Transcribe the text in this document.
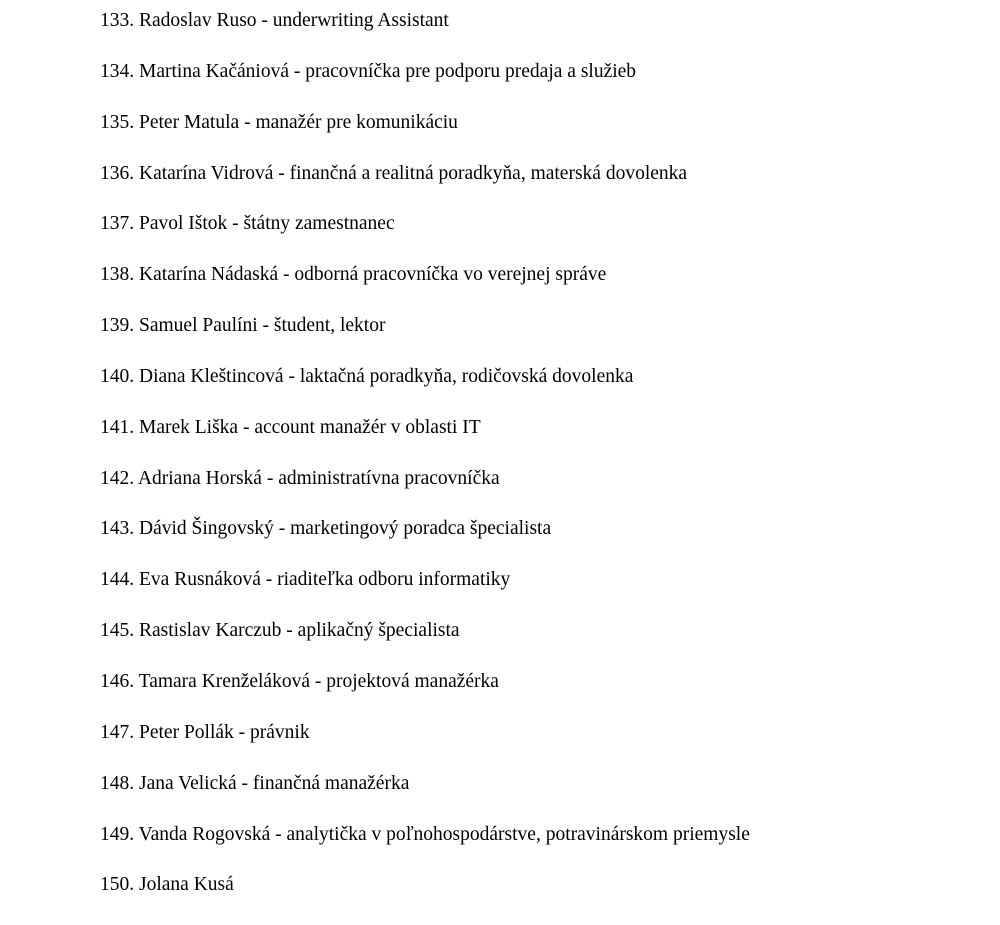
133. Radoslav Ruso - underwriting Assistant
134. Martina Kačániová - pracovníčka pre podporu predaja a služieb
135. Peter Matula - manažér pre komunikáciu
136. Katarína Vidrová - finančná a realitná poradkyňa, materská dovolenka
137. Pavol Ištok - štátny zamestnanec
138. Katarína Nádaská - odborná pracovníčka vo verejnej správe
139. Samuel Paulíni - študent, lektor
140. Diana Kleštincová - laktačná poradkyňa, rodičovská dovolenka
141. Marek Liška - account manažér v oblasti IT
142. Adriana Horská - administratívna pracovníčka
143. Dávid Šingovský - marketingový poradca špecialista
144. Eva Rusnáková - riaditeľka odboru informatiky
145. Rastislav Karczub - aplikačný špecialista
146. Tamara Krenželáková - projektová manažérka
147. Peter Pollák - právnik
148. Jana Velická - finančná manažérka
149. Vanda Rogovská - analytička v poľnohospodárstve, potravinárskom priemysle
150. Jolana Kusá
